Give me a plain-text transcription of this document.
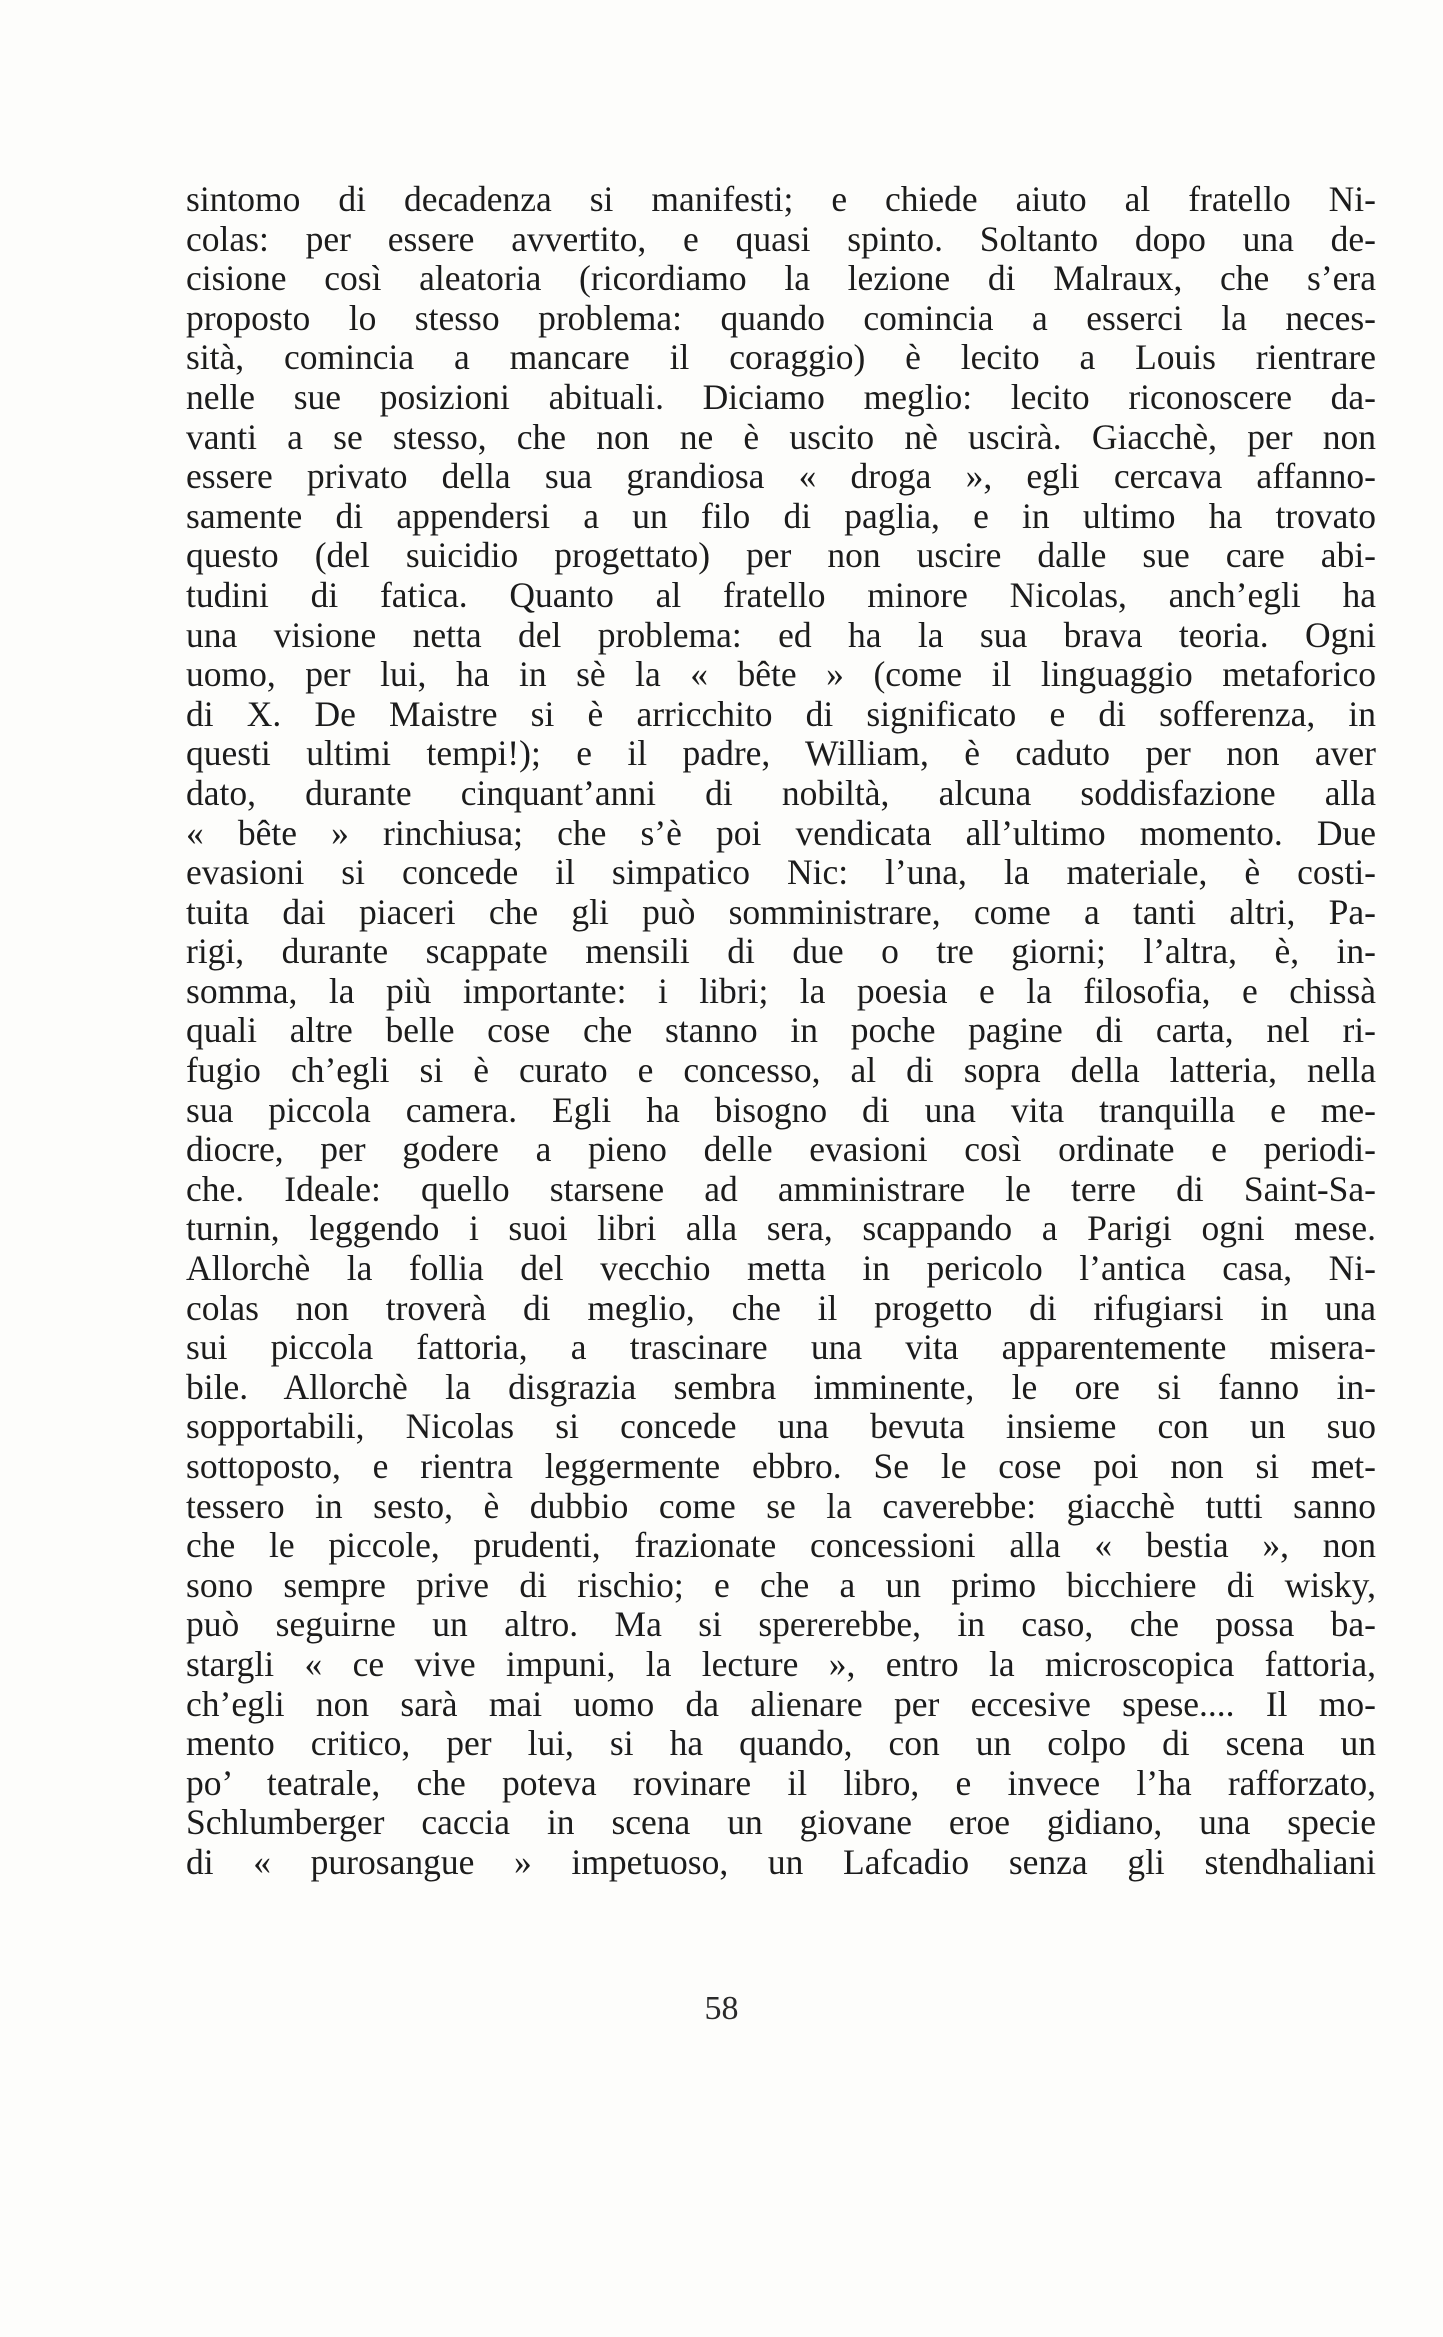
sintomo di decadenza si manifesti; e chiede aiuto al fratello Ni-
colas: per essere avvertito, e quasi spinto. Soltanto dopo una de-
cisione così aleatoria (ricordiamo la lezione di Malraux, che s’era
proposto lo stesso problema: quando comincia a esserci la neces-
sità, comincia a mancare il coraggio) è lecito a Louis rientrare
nelle sue posizioni abituali. Diciamo meglio: lecito riconoscere da-
vanti a se stesso, che non ne è uscito nè uscirà. Giacchè, per non
essere privato della sua grandiosa « droga », egli cercava affanno-
samente di appendersi a un filo di paglia, e in ultimo ha trovato
questo (del suicidio progettato) per non uscire dalle sue care abi-
tudini di fatica. Quanto al fratello minore Nicolas, anch’egli ha
una visione netta del problema: ed ha la sua brava teoria. Ogni
uomo, per lui, ha in sè la « bête » (come il linguaggio metaforico
di X. De Maistre si è arricchito di significato e di sofferenza, in
questi ultimi tempi!); e il padre, William, è caduto per non aver
dato, durante cinquant’anni di nobiltà, alcuna soddisfazione alla
« bête » rinchiusa; che s’è poi vendicata all’ultimo momento. Due
evasioni si concede il simpatico Nic: l’una, la materiale, è costi-
tuita dai piaceri che gli può somministrare, come a tanti altri, Pa-
rigi, durante scappate mensili di due o tre giorni; l’altra, è, in-
somma, la più importante: i libri; la poesia e la filosofia, e chissà
quali altre belle cose che stanno in poche pagine di carta, nel ri-
fugio ch’egli si è curato e concesso, al di sopra della latteria, nella
sua piccola camera. Egli ha bisogno di una vita tranquilla e me-
diocre, per godere a pieno delle evasioni così ordinate e periodi-
che. Ideale: quello starsene ad amministrare le terre di Saint-Sa-
turnin, leggendo i suoi libri alla sera, scappando a Parigi ogni mese.
Allorchè la follia del vecchio metta in pericolo l’antica casa, Ni-
colas non troverà di meglio, che il progetto di rifugiarsi in una
sui piccola fattoria, a trascinare una vita apparentemente misera-
bile. Allorchè la disgrazia sembra imminente, le ore si fanno in-
sopportabili, Nicolas si concede una bevuta insieme con un suo
sottoposto, e rientra leggermente ebbro. Se le cose poi non si met-
tessero in sesto, è dubbio come se la caverebbe: giacchè tutti sanno
che le piccole, prudenti, frazionate concessioni alla « bestia », non
sono sempre prive di rischio; e che a un primo bicchiere di wisky,
può seguirne un altro. Ma si spererebbe, in caso, che possa ba-
stargli « ce vive impuni, la lecture », entro la microscopica fattoria,
ch’egli non sarà mai uomo da alienare per eccesive spese.... Il mo-
mento critico, per lui, si ha quando, con un colpo di scena un
po’ teatrale, che poteva rovinare il libro, e invece l’ha rafforzato,
Schlumberger caccia in scena un giovane eroe gidiano, una specie
di « purosangue » impetuoso, un Lafcadio senza gli stendhaliani
58
